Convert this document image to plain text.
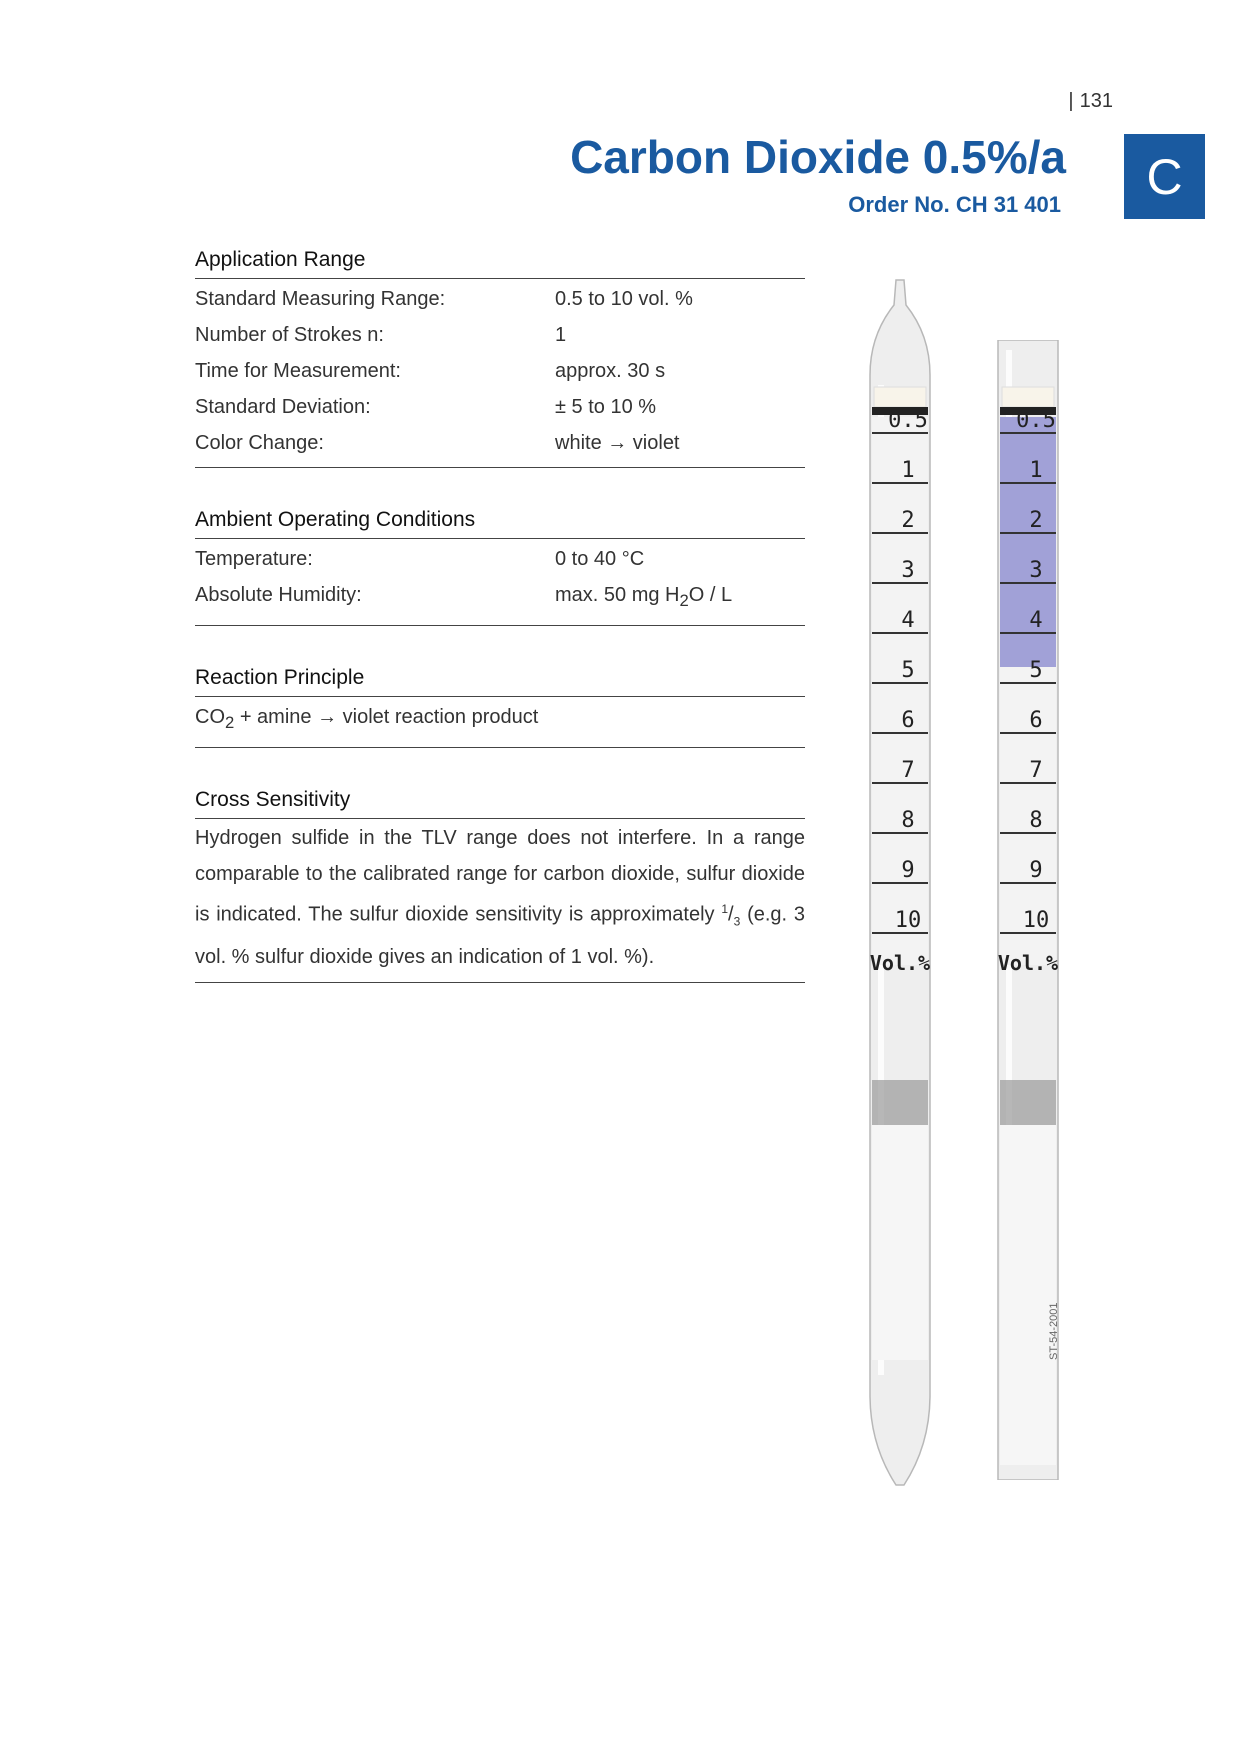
| 131
Carbon Dioxide 0.5%/a
Order No. CH 31 401	C
Application Range
Standard Measuring Range:	0.5 to 10 vol. %
Number of Strokes n:	1
Time for Measurement:	approx. 30 s
Standard Deviation:	± 5 to 10 %
Color Change:	white → violet
Ambient Operating Conditions
Temperature:	0 to 40 °C
Absolute Humidity:	max. 50 mg $H_2O$ / L
Reaction Principle
$CO_2 + amine$ → violet reaction product
Cross Sensitivity
Hydrogen sulfide in the TLV range does not interfere. In a range comparable to the calibrated range for carbon dioxide, sulfur dioxide is indicated. The sulfur dioxide sensitivity is approximately $^1/_3$ (e.g. 3 vol. % sulfur dioxide gives an indication of 1 vol. %).
0.5
1
2
3
4
5
6
7
8
9
10
Vol.%
0.5
1
2
3
4
5
6
7
8
9
10
Vol.%
ST-54-2001
